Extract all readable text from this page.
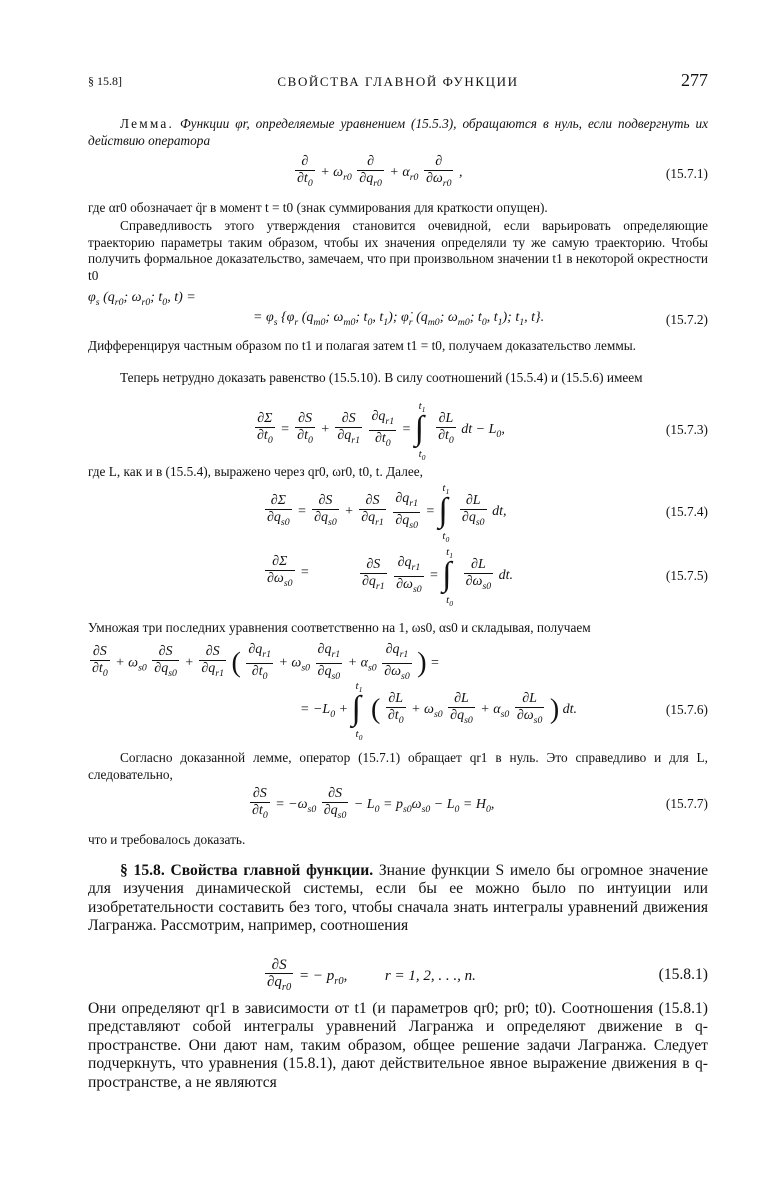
§ 15.8]	СВОЙСТВА ГЛАВНОЙ ФУНКЦИИ	277
Лемма. Функции φr, определяемые уравнением (15.5.3), обращаются в нуль, если подвергнуть их действию оператора
$\frac{\partial}{\partial t_0} + \omega_{r0} \frac{\partial}{\partial q_{r0}} + \alpha_{r0} \frac{\partial}{\partial\omega_{r0}}$ ,	(15.7.1)
где αr0 обозначает q̈r в момент t = t0 (знак суммирования для краткости опущен).
Справедливость этого утверждения становится очевидной, если варьировать определяющие траекторию параметры таким образом, чтобы их значения определяли ту же самую траекторию. Чтобы получить формальное доказательство, замечаем, что при произвольном значении t1 в некоторой окрестности t0
$\varphi_s$ ($q_{r0}$; $\omega_{r0}$; $t_0$, t) =
= $\varphi_s$ {$\varphi_r$ ($q_{m0}$; $\omega_{m0}$; $t_0$, $t_1$); $\varphi̇_r$ ($q_{m0}$; $\omega_{m0}$; $t_0$, $t_1$); $t_1$, t}.	(15.7.2)
Дифференцируя частным образом по t1 и полагая затем t1 = t0, получаем доказательство леммы.
Теперь нетрудно доказать равенство (15.5.10). В силу соотношений (15.5.4) и (15.5.6) имеем
$\frac{\partial\Sigma}{\partial t_0} = \frac{\partial S}{\partial t_0} + \frac{\partial S}{\partial q_{r1}}$
$\frac{\partial q_{r1}}{\partial t_0}$ = ∫
$t_1$
$t_0$

$\frac{\partial L}{\partial t_0}$ dt − $L_0$,	(15.7.3)
где L, как и в (15.5.4), выражено через qr0, ωr0, t0, t. Далее,
$\frac{\partial\Sigma}{\partial q_{s0}} = \frac{\partial S}{\partial q_{s0}} + \frac{\partial S}{\partial q_{r1}}$
$\frac{\partial q_{r1}}{\partial q_{s0}}$ = ∫
$t_1$
$t_0$

$\frac{\partial L}{\partial q_{s0}}$ dt,	(15.7.4)
$\frac{\partial\Sigma}{\partial\omega_{s0}}$ =	$\frac{\partial S}{\partial q_{r1}}$
$\frac{\partial q_{r1}}{\partial\omega_{s0}}$ = ∫
$t_1$
$t_0$

$\frac{\partial L}{\partial\omega_{s0}}$ dt.	(15.7.5)
Умножая три последних уравнения соответственно на 1, ωs0, αs0 и складывая, получаем
$\frac{\partial S}{\partial t_0} + \omega_{s0} \frac{\partial S}{\partial q_{s0}} + \frac{\partial S}{\partial q_{r1}}$ ( $\frac{\partial q_{r1}}{\partial t_0} + \omega_{s0} \frac{\partial q_{r1}}{\partial q_{s0}} + \alpha_{s0} \frac{\partial q_{r1}}{\partial\omega_{s0}}$ ) =
= $-L_0$ + ∫
$t_1$
$t_0$
( $\frac{\partial L}{\partial t_0} + \omega_{s0} \frac{\partial L}{\partial q_{s0}} + \alpha_{s0} \frac{\partial L}{\partial\omega_{s0}}$ ) dt.	(15.7.6)
Согласно доказанной лемме, оператор (15.7.1) обращает qr1 в нуль. Это справедливо и для L, следовательно,
$\frac{\partial S}{\partial t_0} = -\omega_{s0} \frac{\partial S}{\partial q_{s0}} - L_0 = p_{s0}\omega_{s0} - L_0 = H_0$,	(15.7.7)
что и требовалось доказать.
§ 15.8. Свойства главной функции. Знание функции S имело бы огромное значение для изучения динамической системы, если бы ее можно было по интуиции или изобретательности составить без того, чтобы сначала знать интегралы уравнений движения Лагранжа. Рассмотрим, например, соотношения
$\frac{\partial S}{\partial q_{r0}}$ = − $p_{r0}$,  r = 1, 2, . . ., n.	(15.8.1)
Они определяют qr1 в зависимости от t1 (и параметров qr0; pr0; t0). Соотношения (15.8.1) представляют собой интегралы уравнений Лагранжа и определяют движение в q-пространстве. Они дают нам, таким образом, общее решение задачи Лагранжа. Следует подчеркнуть, что уравнения (15.8.1), дают действительное явное выражение движения в q-пространстве, а не являются
